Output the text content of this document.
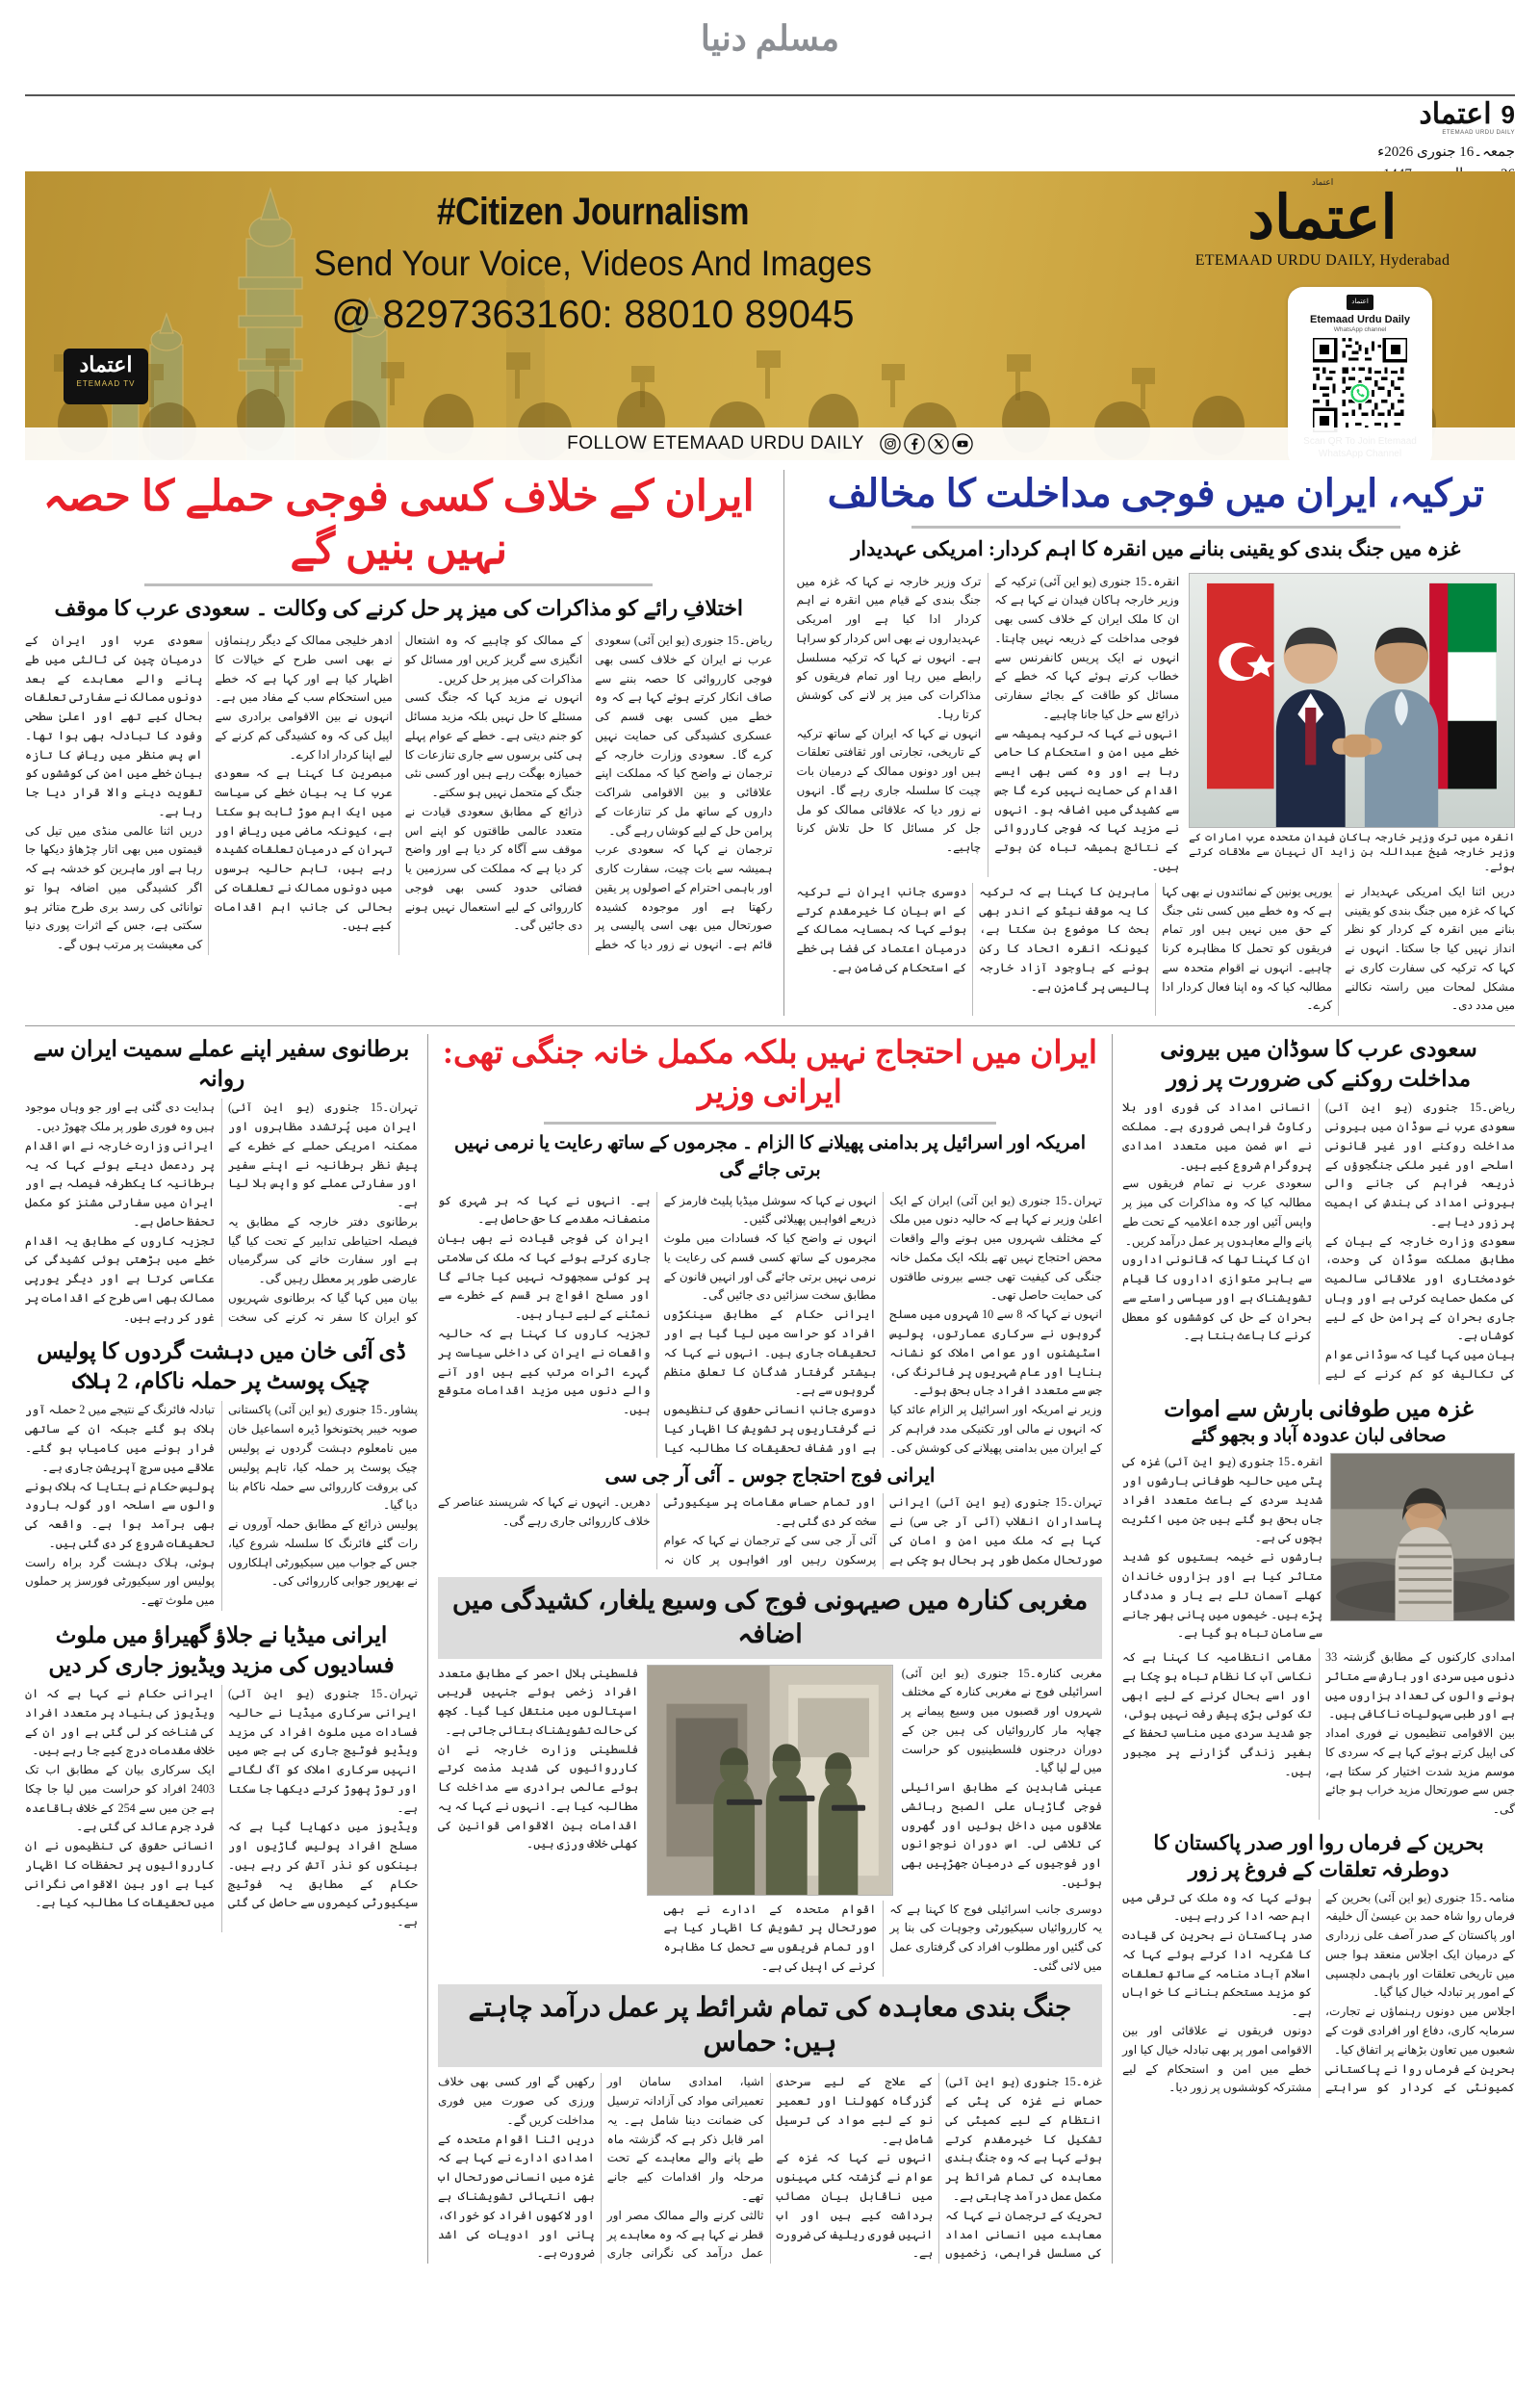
مسلم دنیا
9
اعتماد
ETEMAAD URDU DAILY
جمعہ۔16 جنوری 2026ء
اعتماد
ETEMAAD TV
#Citizen Journalism
Send Your Voice, Videos And Images
@ 8297363160: 88010 89045
اعتماد
اعتماد
ETEMAAD URDU DAILY, Hyderabad
اعتماد
Etemaad Urdu Daily
WhatsApp channel
FOLLOW ETEMAAD URDU DAILY
ترکیہ، ایران میں فوجی مداخلت کا مخالف
غزہ میں جنگ بندی کو یقینی بنانے میں انقرہ کا اہم کردار: امریکی عہدیدار
انقرہ میں ترک وزیر خارجہ ہاکان فیدان متحدہ عرب امارات کے وزیر خارجہ شیخ عبداللہ بن زاید آل نہیان سے ملاقات کرتے ہوئے۔

انقرہ۔15 جنوری (یو این آئی) ترکیہ کے وزیر خارجہ ہاکان فیدان نے کہا ہے کہ ان کا ملک ایران کے خلاف کسی بھی فوجی مداخلت کے ذریعہ نہیں چاہتا۔ انہوں نے ایک پریس کانفرنس سے خطاب کرتے ہوئے کہا کہ خطے کے مسائل کو طاقت کے بجائے سفارتی ذرائع سے حل کیا جانا چاہیے۔

انہوں نے کہا کہ ترکیہ ہمیشہ سے خطے میں امن و استحکام کا حامی رہا ہے اور وہ کسی بھی ایسے اقدام کی حمایت نہیں کرے گا جس سے کشیدگی میں اضافہ ہو۔ انہوں نے مزید کہا کہ فوجی کارروائی کے نتائج ہمیشہ تباہ کن ہوتے ہیں۔

ترک وزیر خارجہ نے کہا کہ غزہ میں جنگ بندی کے قیام میں انقرہ نے اہم کردار ادا کیا ہے اور امریکی عہدیداروں نے بھی اس کردار کو سراہا ہے۔ انہوں نے کہا کہ ترکیہ مسلسل رابطے میں رہا اور تمام فریقوں کو مذاکرات کی میز پر لانے کی کوشش کرتا رہا۔

انہوں نے کہا کہ ایران کے ساتھ ترکیہ کے تاریخی، تجارتی اور ثقافتی تعلقات ہیں اور دونوں ممالک کے درمیان بات چیت کا سلسلہ جاری رہے گا۔ انہوں نے زور دیا کہ علاقائی ممالک کو مل جل کر مسائل کا حل تلاش کرنا چاہیے۔

دریں اثنا ایک امریکی عہدیدار نے کہا کہ غزہ میں جنگ بندی کو یقینی بنانے میں انقرہ کے کردار کو نظر انداز نہیں کیا جا سکتا۔ انہوں نے کہا کہ ترکیہ کی سفارت کاری نے مشکل لمحات میں راستہ نکالنے میں مدد دی۔

یورپی یونین کے نمائندوں نے بھی کہا ہے کہ وہ خطے میں کسی نئی جنگ کے حق میں نہیں ہیں اور تمام فریقوں کو تحمل کا مظاہرہ کرنا چاہیے۔ انہوں نے اقوام متحدہ سے مطالبہ کیا کہ وہ اپنا فعال کردار ادا کرے۔

ماہرین کا کہنا ہے کہ ترکیہ کا یہ موقف نیٹو کے اندر بھی بحث کا موضوع بن سکتا ہے، کیونکہ انقرہ اتحاد کا رکن ہونے کے باوجود آزاد خارجہ پالیسی پر گامزن ہے۔

دوسری جانب ایران نے ترکیہ کے اس بیان کا خیرمقدم کرتے ہوئے کہا کہ ہمسایہ ممالک کے درمیان اعتماد کی فضا ہی خطے کے استحکام کی ضامن ہے۔

ایران کے خلاف کسی فوجی حملے کا حصہ نہیں بنیں گے
اختلافِ رائے کو مذاکرات کی میز پر حل کرنے کی وکالت ۔ سعودی عرب کا موقف

ریاض۔15 جنوری (یو این آئی) سعودی عرب نے ایران کے خلاف کسی بھی فوجی کارروائی کا حصہ بننے سے صاف انکار کرتے ہوئے کہا ہے کہ وہ خطے میں کسی بھی قسم کی عسکری کشیدگی کی حمایت نہیں کرے گا۔ سعودی وزارت خارجہ کے ترجمان نے واضح کیا کہ مملکت اپنے علاقائی و بین الاقوامی شراکت داروں کے ساتھ مل کر تنازعات کے پرامن حل کے لیے کوشاں رہے گی۔

ترجمان نے کہا کہ سعودی عرب ہمیشہ سے بات چیت، سفارت کاری اور باہمی احترام کے اصولوں پر یقین رکھتا ہے اور موجودہ کشیدہ صورتحال میں بھی اسی پالیسی پر قائم ہے۔ انہوں نے زور دیا کہ خطے کے ممالک کو چاہیے کہ وہ اشتعال انگیزی سے گریز کریں اور مسائل کو مذاکرات کی میز پر حل کریں۔

انہوں نے مزید کہا کہ جنگ کسی مسئلے کا حل نہیں بلکہ مزید مسائل کو جنم دیتی ہے۔ خطے کے عوام پہلے ہی کئی برسوں سے جاری تنازعات کا خمیازہ بھگت رہے ہیں اور کسی نئی جنگ کے متحمل نہیں ہو سکتے۔

ذرائع کے مطابق سعودی قیادت نے متعدد عالمی طاقتوں کو اپنے اس موقف سے آگاہ کر دیا ہے اور واضح کر دیا ہے کہ مملکت کی سرزمین یا فضائی حدود کسی بھی فوجی کارروائی کے لیے استعمال نہیں ہونے دی جائیں گی۔

ادھر خلیجی ممالک کے دیگر رہنماؤں نے بھی اسی طرح کے خیالات کا اظہار کیا ہے اور کہا ہے کہ خطے میں استحکام سب کے مفاد میں ہے۔ انہوں نے بین الاقوامی برادری سے اپیل کی کہ وہ کشیدگی کم کرنے کے لیے اپنا کردار ادا کرے۔

مبصرین کا کہنا ہے کہ سعودی عرب کا یہ بیان خطے کی سیاست میں ایک اہم موڑ ثابت ہو سکتا ہے، کیونکہ ماضی میں ریاض اور تہران کے درمیان تعلقات کشیدہ رہے ہیں، تاہم حالیہ برسوں میں دونوں ممالک نے تعلقات کی بحالی کی جانب اہم اقدامات کیے ہیں۔

سعودی عرب اور ایران کے درمیان چین کی ثالثی میں طے پانے والے معاہدے کے بعد دونوں ممالک نے سفارتی تعلقات بحال کیے تھے اور اعلیٰ سطحی وفود کا تبادلہ بھی ہوا تھا۔ اس پس منظر میں ریاض کا تازہ بیان خطے میں امن کی کوششوں کو تقویت دینے والا قرار دیا جا رہا ہے۔

دریں اثنا عالمی منڈی میں تیل کی قیمتوں میں بھی اتار چڑھاؤ دیکھا جا رہا ہے اور ماہرین کو خدشہ ہے کہ اگر کشیدگی میں اضافہ ہوا تو توانائی کی رسد بری طرح متاثر ہو سکتی ہے، جس کے اثرات پوری دنیا کی معیشت پر مرتب ہوں گے۔

سعودی عرب کا سوڈان میں بیرونی مداخلت روکنے کی ضرورت پر زور

ریاض۔15 جنوری (یو این آئی) سعودی عرب نے سوڈان میں بیرونی مداخلت روکنے اور غیر قانونی اسلحے اور غیر ملکی جنگجوؤں کے ذریعہ فراہم کی جانے والی بیرونی امداد کی بندش کی اہمیت پر زور دیا ہے۔

سعودی وزارت خارجہ کے بیان کے مطابق مملکت سوڈان کی وحدت، خودمختاری اور علاقائی سالمیت کی مکمل حمایت کرتی ہے اور وہاں جاری بحران کے پرامن حل کے لیے کوشاں ہے۔

بیان میں کہا گیا کہ سوڈانی عوام کی تکالیف کو کم کرنے کے لیے انسانی امداد کی فوری اور بلا رکاوٹ فراہمی ضروری ہے۔ مملکت نے اس ضمن میں متعدد امدادی پروگرام شروع کیے ہیں۔

سعودی عرب نے تمام فریقوں سے مطالبہ کیا کہ وہ مذاکرات کی میز پر واپس آئیں اور جدہ اعلامیہ کے تحت طے پانے والے معاہدوں پر عمل درآمد کریں۔

ان کا کہنا تھا کہ قانونی اداروں سے باہر متوازی اداروں کا قیام تشویشناک ہے اور سیاسی راستے سے بحران کے حل کی کوششوں کو معطل کرنے کا باعث بنتا ہے۔

غزہ میں طوفانی بارش سے اموات
صحافی لبان عدودہ آباد و بجھو گئے

انقرہ۔15 جنوری (یو این آئی) غزہ کی پٹی میں حالیہ طوفانی بارشوں اور شدید سردی کے باعث متعدد افراد جاں بحق ہو گئے ہیں جن میں اکثریت بچوں کی ہے۔

بارشوں نے خیمہ بستیوں کو شدید متاثر کیا ہے اور ہزاروں خاندان کھلے آسمان تلے بے یار و مددگار پڑے ہیں۔ خیموں میں پانی بھر جانے سے سامان تباہ ہو گیا ہے۔

امدادی کارکنوں کے مطابق گزشتہ 33 دنوں میں سردی اور بارش سے متاثر ہونے والوں کی تعداد ہزاروں میں ہے اور طبی سہولیات ناکافی ہیں۔

بین الاقوامی تنظیموں نے فوری امداد کی اپیل کرتے ہوئے کہا ہے کہ سردی کا موسم مزید شدت اختیار کر سکتا ہے، جس سے صورتحال مزید خراب ہو جائے گی۔

مقامی انتظامیہ کا کہنا ہے کہ نکاسی آب کا نظام تباہ ہو چکا ہے اور اسے بحال کرنے کے لیے ابھی تک کوئی بڑی پیش رفت نہیں ہوئی، جو شدید سردی میں مناسب تحفظ کے بغیر زندگی گزارنے پر مجبور ہیں۔

بحرین کے فرماں روا اور صدر پاکستان کا دوطرفہ تعلقات کے فروغ پر زور

منامہ۔15 جنوری (یو این آئی) بحرین کے فرماں روا شاہ حمد بن عیسیٰ آل خلیفہ اور پاکستان کے صدر آصف علی زرداری کے درمیان ایک اجلاس منعقد ہوا جس میں تاریخی تعلقات اور باہمی دلچسپی کے امور پر تبادلہ خیال کیا گیا۔

اجلاس میں دونوں رہنماؤں نے تجارت، سرمایہ کاری، دفاع اور افرادی قوت کے شعبوں میں تعاون بڑھانے پر اتفاق کیا۔

بحرین کے فرماں روا نے پاکستانی کمیونٹی کے کردار کو سراہتے ہوئے کہا کہ وہ ملک کی ترقی میں اہم حصہ ادا کر رہے ہیں۔

صدر پاکستان نے بحرین کی قیادت کا شکریہ ادا کرتے ہوئے کہا کہ اسلام آباد منامہ کے ساتھ تعلقات کو مزید مستحکم بنانے کا خواہاں ہے۔

دونوں فریقوں نے علاقائی اور بین الاقوامی امور پر بھی تبادلہ خیال کیا اور خطے میں امن و استحکام کے لیے مشترکہ کوششوں پر زور دیا۔

ایران میں احتجاج نہیں بلکہ مکمل خانہ جنگی تھی: ایرانی وزیر
امریکہ اور اسرائیل پر بدامنی پھیلانے کا الزام ۔ مجرموں کے ساتھ رعایت یا نرمی نہیں برتی جائے گی

تہران۔15 جنوری (یو این آئی) ایران کے ایک اعلیٰ وزیر نے کہا ہے کہ حالیہ دنوں میں ملک کے مختلف شہروں میں ہونے والے واقعات محض احتجاج نہیں تھے بلکہ ایک مکمل خانہ جنگی کی کیفیت تھی جسے بیرونی طاقتوں کی حمایت حاصل تھی۔

انہوں نے کہا کہ 8 سے 10 شہروں میں مسلح گروہوں نے سرکاری عمارتوں، پولیس اسٹیشنوں اور عوامی املاک کو نشانہ بنایا اور عام شہریوں پر فائرنگ کی، جس سے متعدد افراد جاں بحق ہوئے۔

وزیر نے امریکہ اور اسرائیل پر الزام عائد کیا کہ انہوں نے مالی اور تکنیکی مدد فراہم کر کے ایران میں بدامنی پھیلانے کی کوشش کی۔ انہوں نے کہا کہ سوشل میڈیا پلیٹ فارمز کے ذریعے افواہیں پھیلائی گئیں۔

انہوں نے واضح کیا کہ فسادات میں ملوث مجرموں کے ساتھ کسی قسم کی رعایت یا نرمی نہیں برتی جائے گی اور انہیں قانون کے مطابق سخت سزائیں دی جائیں گی۔

ایرانی حکام کے مطابق سینکڑوں افراد کو حراست میں لیا گیا ہے اور تحقیقات جاری ہیں۔ انہوں نے کہا کہ بیشتر گرفتار شدگان کا تعلق منظم گروہوں سے ہے۔

دوسری جانب انسانی حقوق کی تنظیموں نے گرفتاریوں پر تشویش کا اظہار کیا ہے اور شفاف تحقیقات کا مطالبہ کیا ہے۔ انہوں نے کہا کہ ہر شہری کو منصفانہ مقدمے کا حق حاصل ہے۔

ایران کی فوجی قیادت نے بھی بیان جاری کرتے ہوئے کہا کہ ملک کی سلامتی پر کوئی سمجھوتہ نہیں کیا جائے گا اور مسلح افواج ہر قسم کے خطرے سے نمٹنے کے لیے تیار ہیں۔

تجزیہ کاروں کا کہنا ہے کہ حالیہ واقعات نے ایران کی داخلی سیاست پر گہرے اثرات مرتب کیے ہیں اور آنے والے دنوں میں مزید اقدامات متوقع ہیں۔

ایرانی فوج احتجاج جوس ۔ آئی آر جی سی

تہران۔15 جنوری (یو این آئی) ایرانی پاسداران انقلاب (آئی آر جی سی) نے کہا ہے کہ ملک میں امن و امان کی صورتحال مکمل طور پر بحال ہو چکی ہے اور تمام حساس مقامات پر سیکیورٹی سخت کر دی گئی ہے۔

آئی آر جی سی کے ترجمان نے کہا کہ عوام پرسکون رہیں اور افواہوں پر کان نہ دھریں۔ انہوں نے کہا کہ شرپسند عناصر کے خلاف کارروائی جاری رہے گی۔

مغربی کنارہ میں صیہونی فوج کی وسیع یلغار، کشیدگی میں اضافہ

مغربی کنارہ۔15 جنوری (یو این آئی) اسرائیلی فوج نے مغربی کنارہ کے مختلف شہروں اور قصبوں میں وسیع پیمانے پر چھاپہ مار کارروائیاں کی ہیں جن کے دوران درجنوں فلسطینیوں کو حراست میں لے لیا گیا۔

عینی شاہدین کے مطابق اسرائیلی فوجی گاڑیاں علی الصبح رہائشی علاقوں میں داخل ہوئیں اور گھروں کی تلاشی لی۔ اس دوران نوجوانوں اور فوجیوں کے درمیان جھڑپیں بھی ہوئیں۔

فلسطینی ہلال احمر کے مطابق متعدد افراد زخمی ہوئے جنہیں قریبی اسپتالوں میں منتقل کیا گیا۔ کچھ کی حالت تشویشناک بتائی جاتی ہے۔

فلسطینی وزارت خارجہ نے ان کارروائیوں کی شدید مذمت کرتے ہوئے عالمی برادری سے مداخلت کا مطالبہ کیا ہے۔ انہوں نے کہا کہ یہ اقدامات بین الاقوامی قوانین کی کھلی خلاف ورزی ہیں۔

دوسری جانب اسرائیلی فوج کا کہنا ہے کہ یہ کارروائیاں سیکیورٹی وجوہات کی بنا پر کی گئیں اور مطلوب افراد کی گرفتاری عمل میں لائی گئی۔

اقوام متحدہ کے ادارے نے بھی صورتحال پر تشویش کا اظہار کیا ہے اور تمام فریقوں سے تحمل کا مظاہرہ کرنے کی اپیل کی ہے۔

جنگ بندی معاہدہ کی تمام شرائط پر عمل درآمد چاہتے ہیں: حماس

غزہ۔15 جنوری (یو این آئی) حماس نے غزہ کی پٹی کے انتظام کے لیے کمیٹی کی تشکیل کا خیرمقدم کرتے ہوئے کہا ہے کہ وہ جنگ بندی معاہدہ کی تمام شرائط پر مکمل عمل درآمد چاہتی ہے۔

تحریک کے ترجمان نے کہا کہ معاہدے میں انسانی امداد کی مسلسل فراہمی، زخمیوں کے علاج کے لیے سرحدی گزرگاہ کھولنا اور تعمیر نو کے لیے مواد کی ترسیل شامل ہے۔

انہوں نے کہا کہ غزہ کے عوام نے گزشتہ کئی مہینوں میں ناقابل بیان مصائب برداشت کیے ہیں اور اب انہیں فوری ریلیف کی ضرورت ہے۔

اشیا، امدادی سامان اور تعمیراتی مواد کی آزادانہ ترسیل کی ضمانت دینا شامل ہے۔ یہ امر قابل ذکر ہے کہ گزشتہ ماہ طے پانے والے معاہدے کے تحت مرحلہ وار اقدامات کیے جانے تھے۔

ثالثی کرنے والے ممالک مصر اور قطر نے کہا ہے کہ وہ معاہدے پر عمل درآمد کی نگرانی جاری رکھیں گے اور کسی بھی خلاف ورزی کی صورت میں فوری مداخلت کریں گے۔

دریں اثنا اقوام متحدہ کے امدادی ادارے نے کہا ہے کہ غزہ میں انسانی صورتحال اب بھی انتہائی تشویشناک ہے اور لاکھوں افراد کو خوراک، پانی اور ادویات کی اشد ضرورت ہے۔

برطانوی سفیر اپنے عملے سمیت ایران سے روانہ

تہران۔15 جنوری (یو این آئی) ایران میں پُرتشدد مظاہروں اور ممکنہ امریکی حملے کے خطرے کے پیش نظر برطانیہ نے اپنے سفیر اور سفارتی عملے کو واپس بلا لیا ہے۔

برطانوی دفتر خارجہ کے مطابق یہ فیصلہ احتیاطی تدابیر کے تحت کیا گیا ہے اور سفارت خانے کی سرگرمیاں عارضی طور پر معطل رہیں گی۔

بیان میں کہا گیا کہ برطانوی شہریوں کو ایران کا سفر نہ کرنے کی سخت ہدایت دی گئی ہے اور جو وہاں موجود ہیں وہ فوری طور پر ملک چھوڑ دیں۔

ایرانی وزارت خارجہ نے اس اقدام پر ردعمل دیتے ہوئے کہا کہ یہ برطانیہ کا یکطرفہ فیصلہ ہے اور ایران میں سفارتی مشنز کو مکمل تحفظ حاصل ہے۔

تجزیہ کاروں کے مطابق یہ اقدام خطے میں بڑھتی ہوئی کشیدگی کی عکاسی کرتا ہے اور دیگر یورپی ممالک بھی اسی طرح کے اقدامات پر غور کر رہے ہیں۔

ڈی آئی خان میں دہشت گردوں کا پولیس چیک پوسٹ پر حملہ ناکام، 2 ہلاک

پشاور۔15 جنوری (یو این آئی) پاکستانی صوبہ خیبر پختونخوا ڈیرہ اسماعیل خان میں نامعلوم دہشت گردوں نے پولیس چیک پوسٹ پر حملہ کیا، تاہم پولیس کی بروقت کارروائی سے حملہ ناکام بنا دیا گیا۔

پولیس ذرائع کے مطابق حملہ آوروں نے رات گئے فائرنگ کا سلسلہ شروع کیا، جس کے جواب میں سیکیورٹی اہلکاروں نے بھرپور جوابی کارروائی کی۔

تبادلہ فائرنگ کے نتیجے میں 2 حملہ آور ہلاک ہو گئے جبکہ ان کے ساتھی فرار ہونے میں کامیاب ہو گئے۔ علاقے میں سرچ آپریشن جاری ہے۔

پولیس حکام نے بتایا کہ ہلاک ہونے والوں سے اسلحہ اور گولہ بارود بھی برآمد ہوا ہے۔ واقعہ کی تحقیقات شروع کر دی گئی ہیں۔

ہوئی، ہلاک دہشت گرد براہ راست پولیس اور سیکیورٹی فورسز پر حملوں میں ملوث تھے۔

ایرانی میڈیا نے جلاؤ گھیراؤ میں ملوث فسادیوں کی مزید ویڈیوز جاری کر دیں

تہران۔15 جنوری (یو این آئی) ایرانی سرکاری میڈیا نے حالیہ فسادات میں ملوث افراد کی مزید ویڈیو فوٹیج جاری کی ہے جس میں انہیں سرکاری املاک کو آگ لگاتے اور توڑ پھوڑ کرتے دیکھا جا سکتا ہے۔

ویڈیوز میں دکھایا گیا ہے کہ مسلح افراد پولیس گاڑیوں اور بینکوں کو نذر آتش کر رہے ہیں۔ حکام کے مطابق یہ فوٹیج سیکیورٹی کیمروں سے حاصل کی گئی ہے۔

ایرانی حکام نے کہا ہے کہ ان ویڈیوز کی بنیاد پر متعدد افراد کی شناخت کر لی گئی ہے اور ان کے خلاف مقدمات درج کیے جا رہے ہیں۔

ایک سرکاری بیان کے مطابق اب تک 2403 افراد کو حراست میں لیا جا چکا ہے جن میں سے 254 کے خلاف باقاعدہ فرد جرم عائد کی گئی ہے۔

انسانی حقوق کی تنظیموں نے ان کارروائیوں پر تحفظات کا اظہار کیا ہے اور بین الاقوامی نگرانی میں تحقیقات کا مطالبہ کیا ہے۔
